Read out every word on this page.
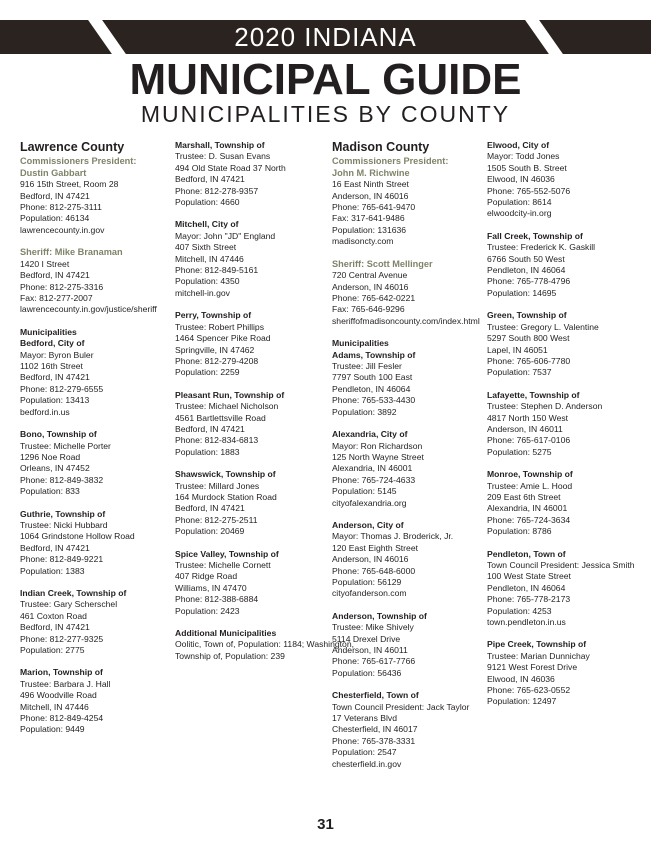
2020 INDIANA
MUNICIPAL GUIDE
MUNICIPALITIES BY COUNTY
Lawrence County
Commissioners President:
Dustin Gabbart
916 15th Street, Room 28
Bedford, IN 47421
Phone: 812-275-3111
Population: 46134
lawrencecounty.in.gov
Sheriff: Mike Branaman
1420 I Street
Bedford, IN 47421
Phone: 812-275-3316
Fax: 812-277-2007
lawrencecounty.in.gov/justice/sheriff
Municipalities
Bedford, City of
Mayor: Byron Buler
1102 16th Street
Bedford, IN 47421
Phone: 812-279-6555
Population: 13413
bedford.in.us
Bono, Township of
Trustee: Michelle Porter
1296 Noe Road
Orleans, IN 47452
Phone: 812-849-3832
Population: 833
Guthrie, Township of
Trustee: Nicki Hubbard
1064 Grindstone Hollow Road
Bedford, IN 47421
Phone: 812-849-9221
Population: 1383
Indian Creek, Township of
Trustee: Gary Scherschel
461 Coxton Road
Bedford, IN 47421
Phone: 812-277-9325
Population: 2775
Marion, Township of
Trustee: Barbara J. Hall
496 Woodville Road
Mitchell, IN 47446
Phone: 812-849-4254
Population: 9449
Marshall, Township of
Trustee: D. Susan Evans
494 Old State Road 37 North
Bedford, IN 47421
Phone: 812-278-9357
Population: 4660
Mitchell, City of
Mayor: John "JD" England
407 Sixth Street
Mitchell, IN 47446
Phone: 812-849-5161
Population: 4350
mitchell-in.gov
Perry, Township of
Trustee: Robert Phillips
1464 Spencer Pike Road
Springville, IN 47462
Phone: 812-279-4208
Population: 2259
Pleasant Run, Township of
Trustee: Michael Nicholson
4561 Bartlettsville Road
Bedford, IN 47421
Phone: 812-834-6813
Population: 1883
Shawswick, Township of
Trustee: Millard Jones
164 Murdock Station Road
Bedford, IN 47421
Phone: 812-275-2511
Population: 20469
Spice Valley, Township of
Trustee: Michelle Cornett
407 Ridge Road
Williams, IN 47470
Phone: 812-388-6884
Population: 2423
Additional Municipalities
Oolitic, Town of, Population: 1184; Washington,
Township of, Population: 239
Madison County
Commissioners President:
John M. Richwine
16 East Ninth Street
Anderson, IN 46016
Phone: 765-641-9470
Fax: 317-641-9486
Population: 131636
madisoncty.com
Sheriff: Scott Mellinger
720 Central Avenue
Anderson, IN 46016
Phone: 765-642-0221
Fax: 765-646-9296
sheriffofmadisoncounty.com/index.html
Municipalities
Adams, Township of
Trustee: Jill Fesler
7797 South 100 East
Pendleton, IN 46064
Phone: 765-533-4430
Population: 3892
Alexandria, City of
Mayor: Ron Richardson
125 North Wayne Street
Alexandria, IN 46001
Phone: 765-724-4633
Population: 5145
cityofalexandria.org
Anderson, City of
Mayor: Thomas J. Broderick, Jr.
120 East Eighth Street
Anderson, IN 46016
Phone: 765-648-6000
Population: 56129
cityofanderson.com
Anderson, Township of
Trustee: Mike Shively
5114 Drexel Drive
Anderson, IN 46011
Phone: 765-617-7766
Population: 56436
Chesterfield, Town of
Town Council President: Jack Taylor
17 Veterans Blvd
Chesterfield, IN 46017
Phone: 765-378-3331
Population: 2547
chesterfield.in.gov
Elwood, City of
Mayor: Todd Jones
1505 South B. Street
Elwood, IN 46036
Phone: 765-552-5076
Population: 8614
elwoodcity-in.org
Fall Creek, Township of
Trustee: Frederick K. Gaskill
6766 South 50 West
Pendleton, IN 46064
Phone: 765-778-4796
Population: 14695
Green, Township of
Trustee: Gregory L. Valentine
5297 South 800 West
Lapel, IN 46051
Phone: 765-606-7780
Population: 7537
Lafayette, Township of
Trustee: Stephen D. Anderson
4817 North 150 West
Anderson, IN 46011
Phone: 765-617-0106
Population: 5275
Monroe, Township of
Trustee: Amie L. Hood
209 East 6th Street
Alexandria, IN 46001
Phone: 765-724-3634
Population: 8786
Pendleton, Town of
Town Council President: Jessica Smith
100 West State Street
Pendleton, IN 46064
Phone: 765-778-2173
Population: 4253
town.pendleton.in.us
Pipe Creek, Township of
Trustee: Marian Dunnichay
9121 West Forest Drive
Elwood, IN 46036
Phone: 765-623-0552
Population: 12497
31
